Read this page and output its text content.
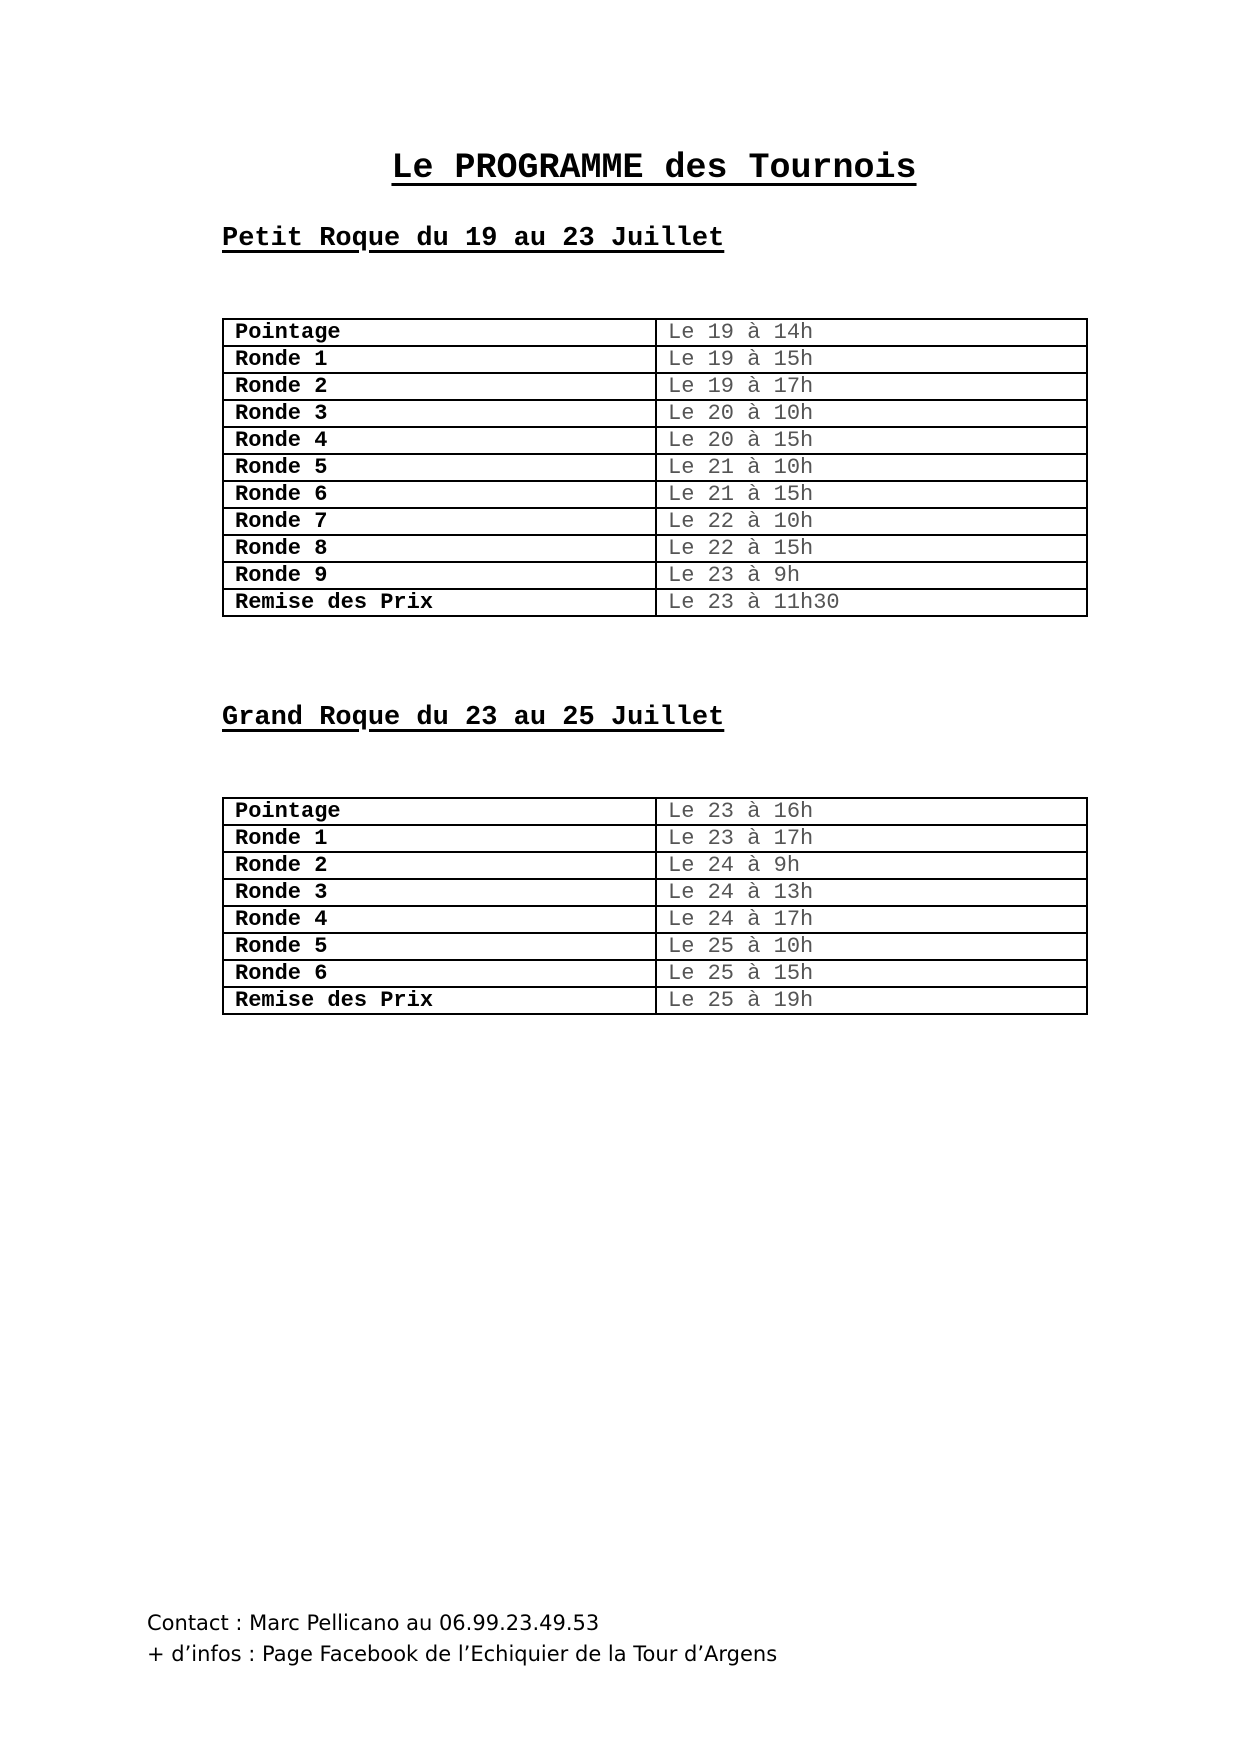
Le PROGRAMME des Tournois
Petit Roque du 19 au 23 Juillet
Pointage	Le 19 à 14h
Ronde 1	Le 19 à 15h
Ronde 2	Le 19 à 17h
Ronde 3	Le 20 à 10h
Ronde 4	Le 20 à 15h
Ronde 5	Le 21 à 10h
Ronde 6	Le 21 à 15h
Ronde 7	Le 22 à 10h
Ronde 8	Le 22 à 15h
Ronde 9	Le 23 à 9h
Remise des Prix	Le 23 à 11h30
Grand Roque du 23 au 25 Juillet
Pointage	Le 23 à 16h
Ronde 1	Le 23 à 17h
Ronde 2	Le 24 à 9h
Ronde 3	Le 24 à 13h
Ronde 4	Le 24 à 17h
Ronde 5	Le 25 à 10h
Ronde 6	Le 25 à 15h
Remise des Prix	Le 25 à 19h

Contact : Marc Pellicano au 06.99.23.49.53

+ d’infos : Page Facebook de l’Echiquier de la Tour d’Argens
